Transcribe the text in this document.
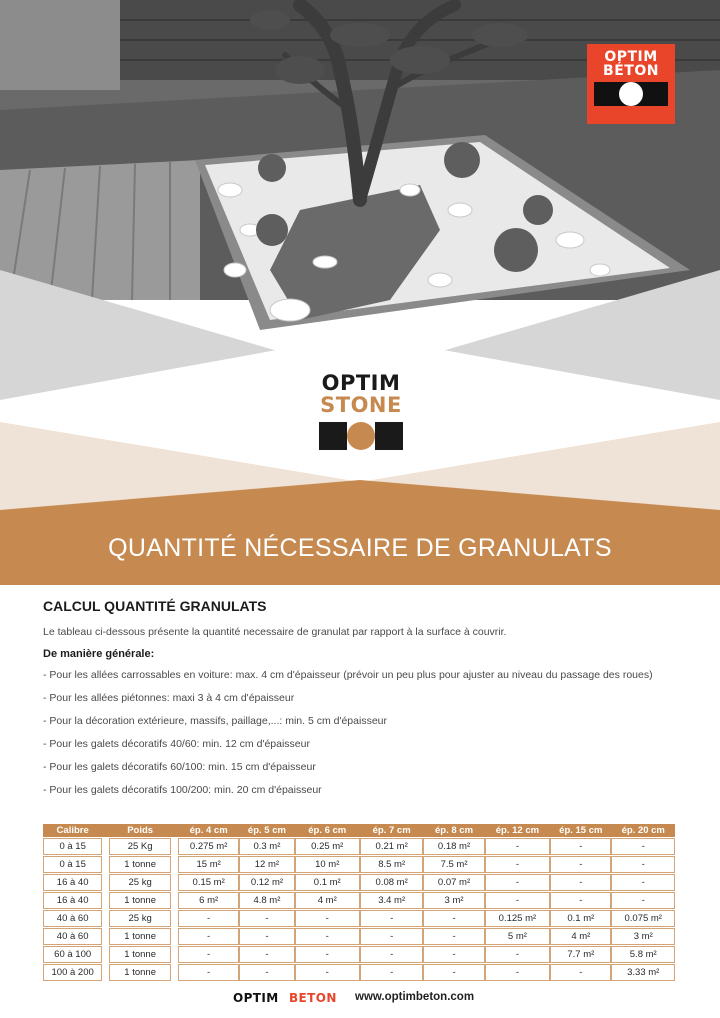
OPTIM
BÉTON
OPTIM
STONE
QUANTITÉ NÉCESSAIRE DE GRANULATS
CALCUL QUANTITÉ GRANULATS

Le tableau ci-dessous présente la quantité necessaire de granulat par rapport à la surface à couvrir.

De manière générale:

- Pour les allées carrossables en voiture: max. 4 cm d'épaisseur (prévoir un peu plus pour ajuster au niveau du passage des roues)

- Pour les allées piétonnes: maxi 3 à 4 cm d'épaisseur

- Pour la décoration extérieure, massifs, paillage,...: min. 5 cm d'épaisseur

- Pour les galets décoratifs 40/60: min. 12 cm d'épaisseur

- Pour les galets décoratifs 60/100: min. 15 cm d'épaisseur

- Pour les galets décoratifs 100/200: min. 20 cm d'épaisseur

Calibre		Poids		ép. 4 cm	ép. 5 cm	ép. 6 cm	ép. 7 cm	ép. 8 cm	ép. 12 cm	ép. 15 cm	ép. 20 cm
0 à 15		25 Kg		0.275 m²	0.3 m²	0.25 m²	0.21 m²	0.18 m²	-	-	-
0 à 15		1 tonne		15 m²	12 m²	10 m²	8.5 m²	7.5 m²	-	-	-
16 à 40		25 kg		0.15 m²	0.12 m²	0.1 m²	0.08 m²	0.07 m²	-	-	-
16 à 40		1 tonne		6 m²	4.8 m²	4 m²	3.4 m²	3 m²	-	-	-
40 à 60		25 kg		-	-	-	-	-	0.125 m²	0.1 m²	0.075 m²
40 à 60		1 tonne		-	-	-	-	-	5 m²	4 m²	3 m²
60 à 100		1 tonne		-	-	-	-	-	-	7.7 m²	5.8 m²
100 à 200		1 tonne		-	-	-	-	-	-	-	3.33 m²
OPTIM BETON www.optimbeton.com
